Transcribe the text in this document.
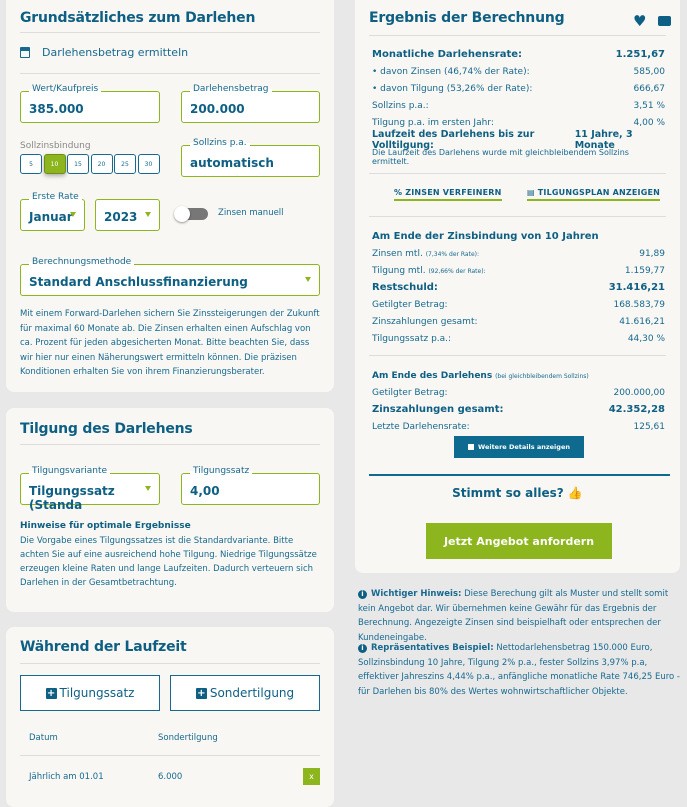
Grundsätzliches zum Darlehen
Darlehensbetrag ermitteln
Wert/Kaufpreis
385.000
Darlehensbetrag
200.000
Sollzinsbindung
5	10	15	20	25	30
Sollzins p.a.
automatisch
Erste Rate
Januar	2023	Zinsen manuell
Berechnungsmethode
Standard Anschlussfinanzierung
Mit einem Forward-Darlehen sichern Sie Zinssteigerungen der Zukunft für maximal 60 Monate ab. Die Zinsen erhalten einen Aufschlag von ca. Prozent für jeden abgesicherten Monat. Bitte beachten Sie, dass wir hier nur einen Näherungswert ermitteln können. Die präzisen Konditionen erhalten Sie von ihrem Finanzierungsberater.
Tilgung des Darlehens
Tilgungsvariante
Tilgungssatz (Standa
Tilgungssatz
4,00
Hinweise für optimale Ergebnisse
Die Vorgabe eines Tilgungssatzes ist die Standardvariante. Bitte achten Sie auf eine ausreichend hohe Tilgung. Niedrige Tilgungssätze erzeugen kleine Raten und lange Laufzeiten. Dadurch verteuern sich Darlehen in der Gesamtbetrachtung.
Während der Laufzeit
+ Tilgungssatz	+ Sondertilgung
Datum	Sondertilgung
Jährlich am 01.01	6.000	x
Ergebnis der Berechnung	♥
Monatliche Darlehensrate:	1.251,67
• davon Zinsen (46,74% der Rate):	585,00
• davon Tilgung (53,26% der Rate):	666,67
Sollzins p.a.:	3,51 %
Tilgung p.a. im ersten Jahr:	4,00 %
Laufzeit des Darlehens bis zur Volltilgung:
11 Jahre, 3 Monate
Die Laufzeit des Darlehens wurde mit gleichbleibendem Sollzins ermittelt.
% ZINSEN VERFEINERN	▤ TILGUNGSPLAN ANZEIGEN
Am Ende der Zinsbindung von 10 Jahren
Zinsen mtl. (7,34% der Rate):	91,89
Tilgung mtl. (92,66% der Rate):	1.159,77
Restschuld:	31.416,21
Getilgter Betrag:	168.583,79
Zinszahlungen gesamt:	41.616,21
Tilgungssatz p.a.:	44,30 %
Am Ende des Darlehens (bei gleichbleibendem Sollzins)
Getilgter Betrag:	200.000,00
Zinszahlungen gesamt:	42.352,28
Letzte Darlehensrate:	125,61
Weitere Details anzeigen
Stimmt so alles? 👍
Jetzt Angebot anfordern
i Wichtiger Hinweis: Diese Berechung gilt als Muster und stellt somit kein Angebot dar. Wir übernehmen keine Gewähr für das Ergebnis der Berechnung. Angezeigte Zinsen sind beispielhaft oder entsprechen der Kundeneingabe.
i Repräsentatives Beispiel: Nettodarlehensbetrag 150.000 Euro, Sollzinsbindung 10 Jahre, Tilgung 2% p.a., fester Sollzins 3,97% p.a, effektiver Jahreszins 4,44% p.a., anfängliche monatliche Rate 746,25 Euro - für Darlehen bis 80% des Wertes wohnwirtschaftlicher Objekte.
